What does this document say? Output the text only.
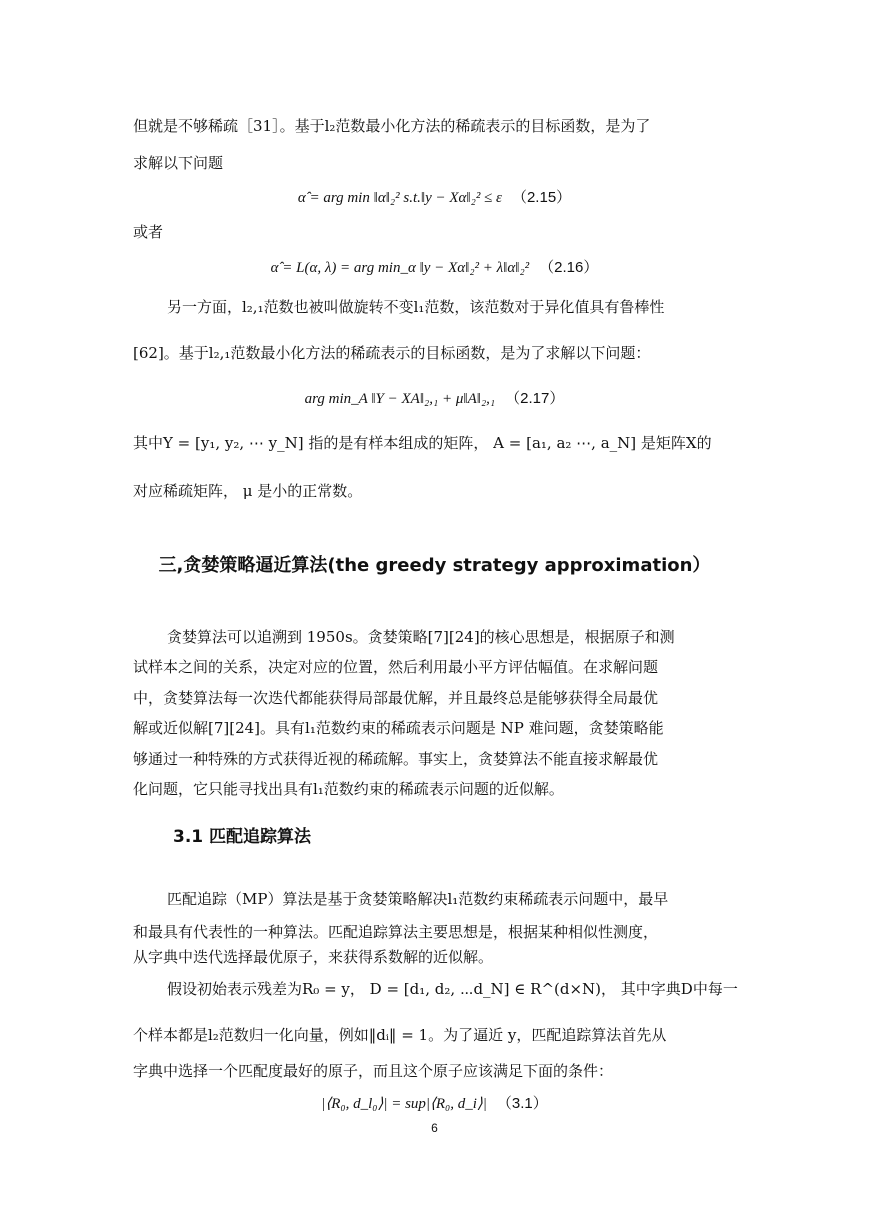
但就是不够稀疏［31］。基于l₂范数最小化方法的稀疏表示的目标函数，是为了
求解以下问题
α̂ = arg min ‖α‖₂² s.t.‖y − Xα‖₂² ≤ ε （2.15）
或者
α̂ = L(α, λ) = arg min_α ‖y − Xα‖₂² + λ‖α‖₂² （2.16）
另一方面，l₂,₁范数也被叫做旋转不变l₁范数，该范数对于异化值具有鲁棒性
[62]。基于l₂,₁范数最小化方法的稀疏表示的目标函数，是为了求解以下问题：
arg min_A ‖Y − XA‖₂,₁ + μ‖A‖₂,₁ （2.17）
其中Y = [y₁, y₂, ⋯ y_N] 指的是有样本组成的矩阵， A = [a₁, a₂ ⋯, a_N] 是矩阵X的
对应稀疏矩阵， μ 是小的正常数。
三,贪婪策略逼近算法(the greedy strategy approximation）
贪婪算法可以追溯到 1950s。贪婪策略[7][24]的核心思想是，根据原子和测
试样本之间的关系，决定对应的位置，然后利用最小平方评估幅值。在求解问题
中，贪婪算法每一次迭代都能获得局部最优解，并且最终总是能够获得全局最优
解或近似解[7][24]。具有l₁范数约束的稀疏表示问题是 NP 难问题，贪婪策略能
够通过一种特殊的方式获得近视的稀疏解。事实上，贪婪算法不能直接求解最优
化问题，它只能寻找出具有l₁范数约束的稀疏表示问题的近似解。
3.1 匹配追踪算法
匹配追踪（MP）算法是基于贪婪策略解决l₁范数约束稀疏表示问题中，最早
和最具有代表性的一种算法。匹配追踪算法主要思想是，根据某种相似性测度，
从字典中迭代选择最优原子，来获得系数解的近似解。
假设初始表示残差为R₀ = y， D = [d₁, d₂, ⋯d_N] ∈ R^(d×N)， 其中字典D中每一
个样本都是l₂范数归一化向量，例如‖dᵢ‖ = 1。为了逼近 y，匹配追踪算法首先从
字典中选择一个匹配度最好的原子，而且这个原子应该满足下面的条件：
|⟨R₀, d_l₀⟩| = sup|⟨R₀, d_i⟩| （3.1）
6
